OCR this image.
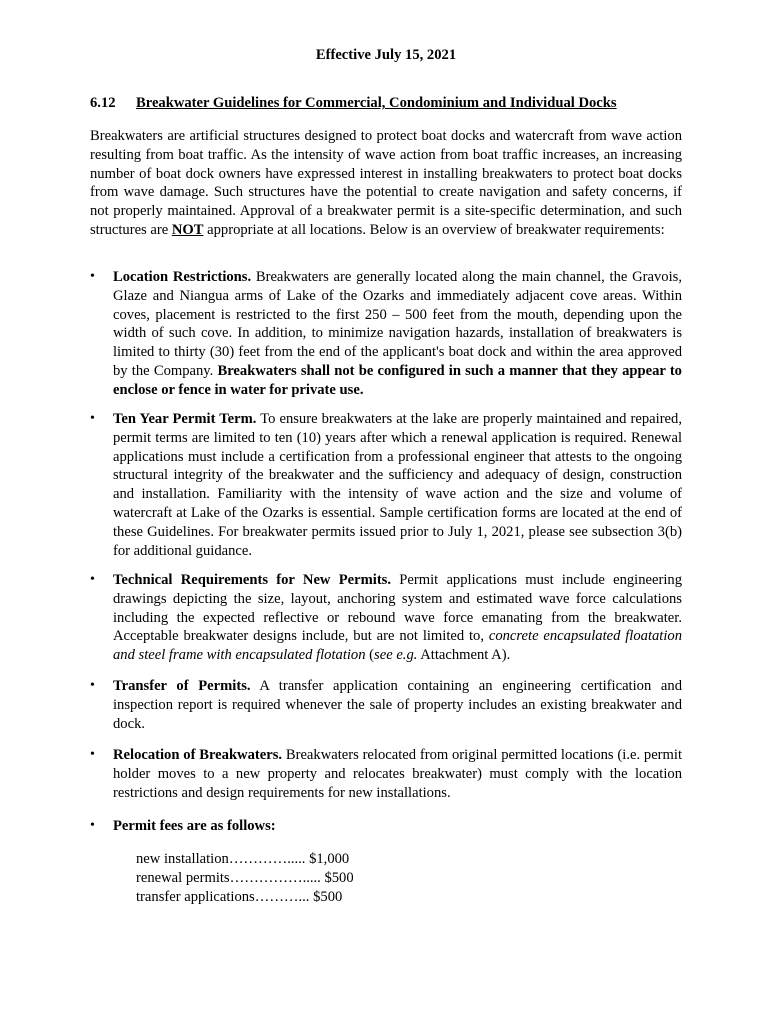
Effective July 15, 2021
6.12 Breakwater Guidelines for Commercial, Condominium and Individual Docks

Breakwaters are artificial structures designed to protect boat docks and watercraft from wave action resulting from boat traffic. As the intensity of wave action from boat traffic increases, an increasing number of boat dock owners have expressed interest in installing breakwaters to protect boat docks from wave damage. Such structures have the potential to create navigation and safety concerns, if not properly maintained. Approval of a breakwater permit is a site-specific determination, and such structures are NOT appropriate at all locations. Below is an overview of breakwater requirements:

•	Location Restrictions. Breakwaters are generally located along the main channel, the Gravois, Glaze and Niangua arms of Lake of the Ozarks and immediately adjacent cove areas. Within coves, placement is restricted to the first 250 – 500 feet from the mouth, depending upon the width of such cove. In addition, to minimize navigation hazards, installation of breakwaters is limited to thirty (30) feet from the end of the applicant's boat dock and within the area approved by the Company. Breakwaters shall not be configured in such a manner that they appear to enclose or fence in water for private use.
•	Ten Year Permit Term. To ensure breakwaters at the lake are properly maintained and repaired, permit terms are limited to ten (10) years after which a renewal application is required. Renewal applications must include a certification from a professional engineer that attests to the ongoing structural integrity of the breakwater and the sufficiency and adequacy of design, construction and installation. Familiarity with the intensity of wave action and the size and volume of watercraft at Lake of the Ozarks is essential. Sample certification forms are located at the end of these Guidelines. For breakwater permits issued prior to July 1, 2021, please see subsection 3(b) for additional guidance.
•	Technical Requirements for New Permits. Permit applications must include engineering drawings depicting the size, layout, anchoring system and estimated wave force calculations including the expected reflective or rebound wave force emanating from the breakwater. Acceptable breakwater designs include, but are not limited to, concrete encapsulated floatation and steel frame with encapsulated flotation (see e.g. Attachment A).
•	Transfer of Permits. A transfer application containing an engineering certification and inspection report is required whenever the sale of property includes an existing breakwater and dock.
•	Relocation of Breakwaters. Breakwaters relocated from original permitted locations (i.e. permit holder moves to a new property and relocates breakwater) must comply with the location restrictions and design requirements for new installations.
•	Permit fees are as follows:
new installation…………..... $1,000
renewal permits……………..... $500
transfer applications………... $500
